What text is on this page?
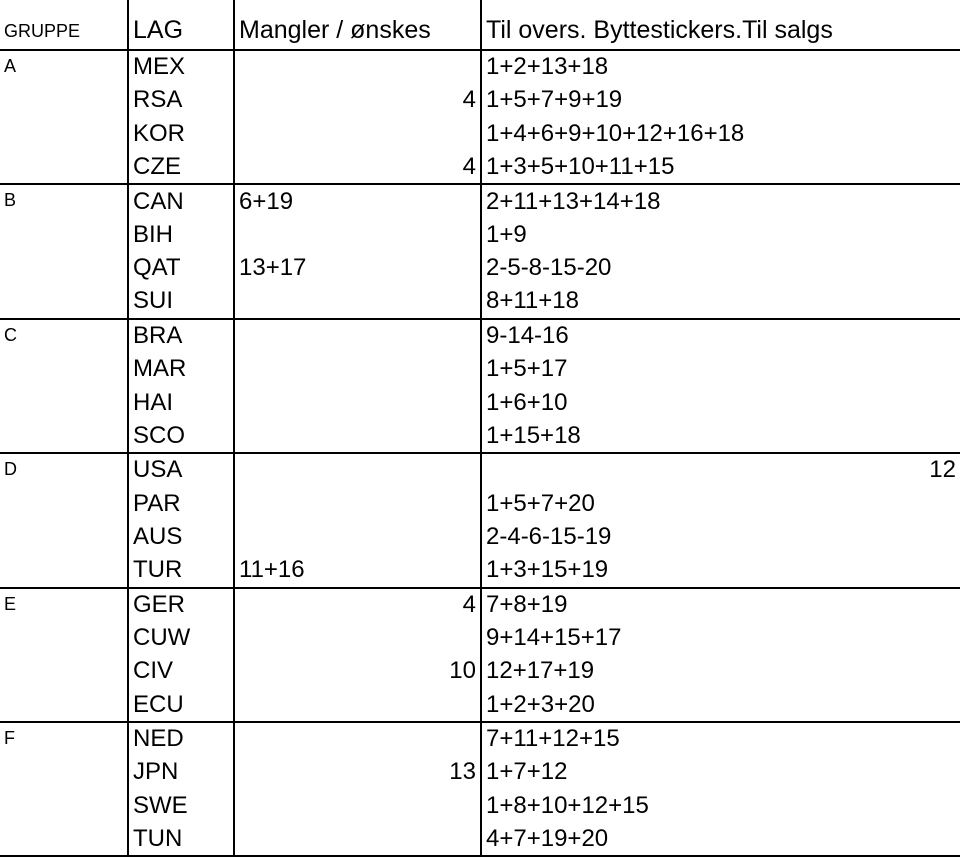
GRUPPE	LAG	Mangler / ønskes	Til overs. Byttestickers.Til salgs
A	MEX		1+2+13+18
	RSA	4	1+5+7+9+19
	KOR		1+4+6+9+10+12+16+18
	CZE	4	1+3+5+10+11+15
B	CAN	6+19	2+11+13+14+18
	BIH		1+9
	QAT	13+17	2-5-8-15-20
	SUI		8+11+18
C	BRA		9-14-16
	MAR		1+5+17
	HAI		1+6+10
	SCO		1+15+18
D	USA		12
	PAR		1+5+7+20
	AUS		2-4-6-15-19
	TUR	11+16	1+3+15+19
E	GER	4	7+8+19
	CUW		9+14+15+17
	CIV	10	12+17+19
	ECU		1+2+3+20
F	NED		7+11+12+15
	JPN	13	1+7+12
	SWE		1+8+10+12+15
	TUN		4+7+19+20
